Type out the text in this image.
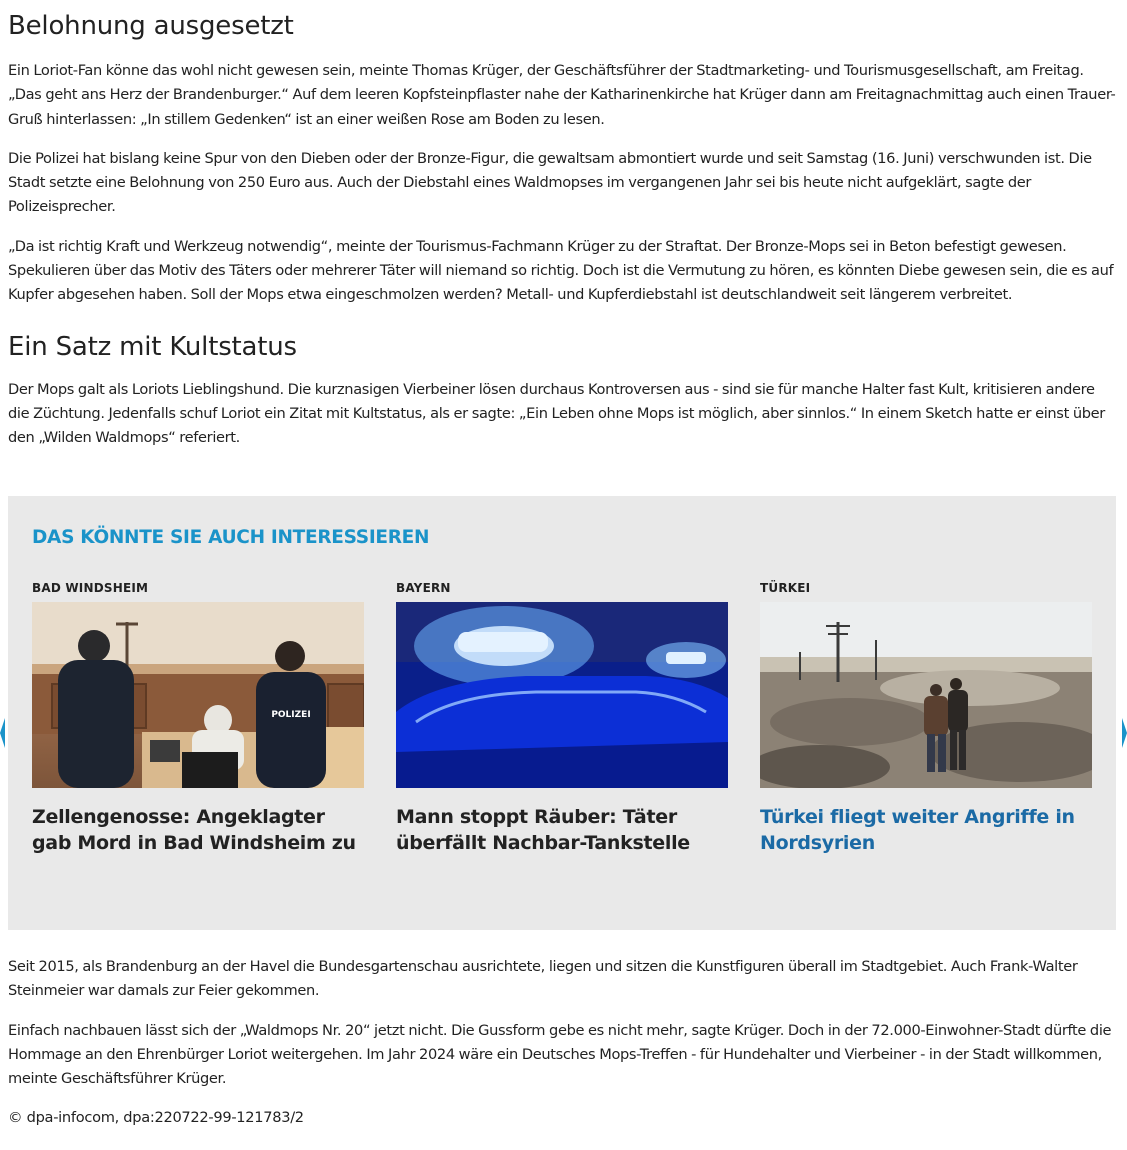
Belohnung ausgesetzt

Ein Loriot-Fan könne das wohl nicht gewesen sein, meinte Thomas Krüger, der Geschäftsführer der Stadtmarketing- und Tourismusgesellschaft, am Freitag. „Das geht ans Herz der Brandenburger.“ Auf dem leeren Kopfsteinpflaster nahe der Katharinenkirche hat Krüger dann am Freitagnachmittag auch einen Trauer-Gruß hinterlassen: „In stillem Gedenken“ ist an einer weißen Rose am Boden zu lesen.

Die Polizei hat bislang keine Spur von den Dieben oder der Bronze-Figur, die gewaltsam abmontiert wurde und seit Samstag (16. Juni) verschwunden ist. Die Stadt setzte eine Belohnung von 250 Euro aus. Auch der Diebstahl eines Waldmopses im vergangenen Jahr sei bis heute nicht aufgeklärt, sagte der Polizeisprecher.

„Da ist richtig Kraft und Werkzeug notwendig“, meinte der Tourismus-Fachmann Krüger zu der Straftat. Der Bronze-Mops sei in Beton befestigt gewesen. Spekulieren über das Motiv des Täters oder mehrerer Täter will niemand so richtig. Doch ist die Vermutung zu hören, es könnten Diebe gewesen sein, die es auf Kupfer abgesehen haben. Soll der Mops etwa eingeschmolzen werden? Metall- und Kupferdiebstahl ist deutschlandweit seit längerem verbreitet.

Ein Satz mit Kultstatus

Der Mops galt als Loriots Lieblingshund. Die kurznasigen Vierbeiner lösen durchaus Kontroversen aus - sind sie für manche Halter fast Kult, kritisieren andere die Züchtung. Jedenfalls schuf Loriot ein Zitat mit Kultstatus, als er sagte: „Ein Leben ohne Mops ist möglich, aber sinnlos.“ In einem Sketch hatte er einst über den „Wilden Waldmops“ referiert.

DAS KÖNNTE SIE AUCH INTERESSIEREN
BAD WINDSHEIM
POLIZEI
Zellengenosse: Angeklagter gab Mord in Bad Windsheim zu
BAYERN
Mann stoppt Räuber: Täter überfällt Nachbar-Tankstelle
TÜRKEI
Türkei fliegt weiter Angriffe in Nordsyrien

Seit 2015, als Brandenburg an der Havel die Bundesgartenschau ausrichtete, liegen und sitzen die Kunstfiguren überall im Stadtgebiet. Auch Frank-Walter Steinmeier war damals zur Feier gekommen.

Einfach nachbauen lässt sich der „Waldmops Nr. 20“ jetzt nicht. Die Gussform gebe es nicht mehr, sagte Krüger. Doch in der 72.000-Einwohner-Stadt dürfte die Hommage an den Ehrenbürger Loriot weitergehen. Im Jahr 2024 wäre ein Deutsches Mops-Treffen - für Hundehalter und Vierbeiner - in der Stadt willkommen, meinte Geschäftsführer Krüger.

© dpa-infocom, dpa:220722-99-121783/2
